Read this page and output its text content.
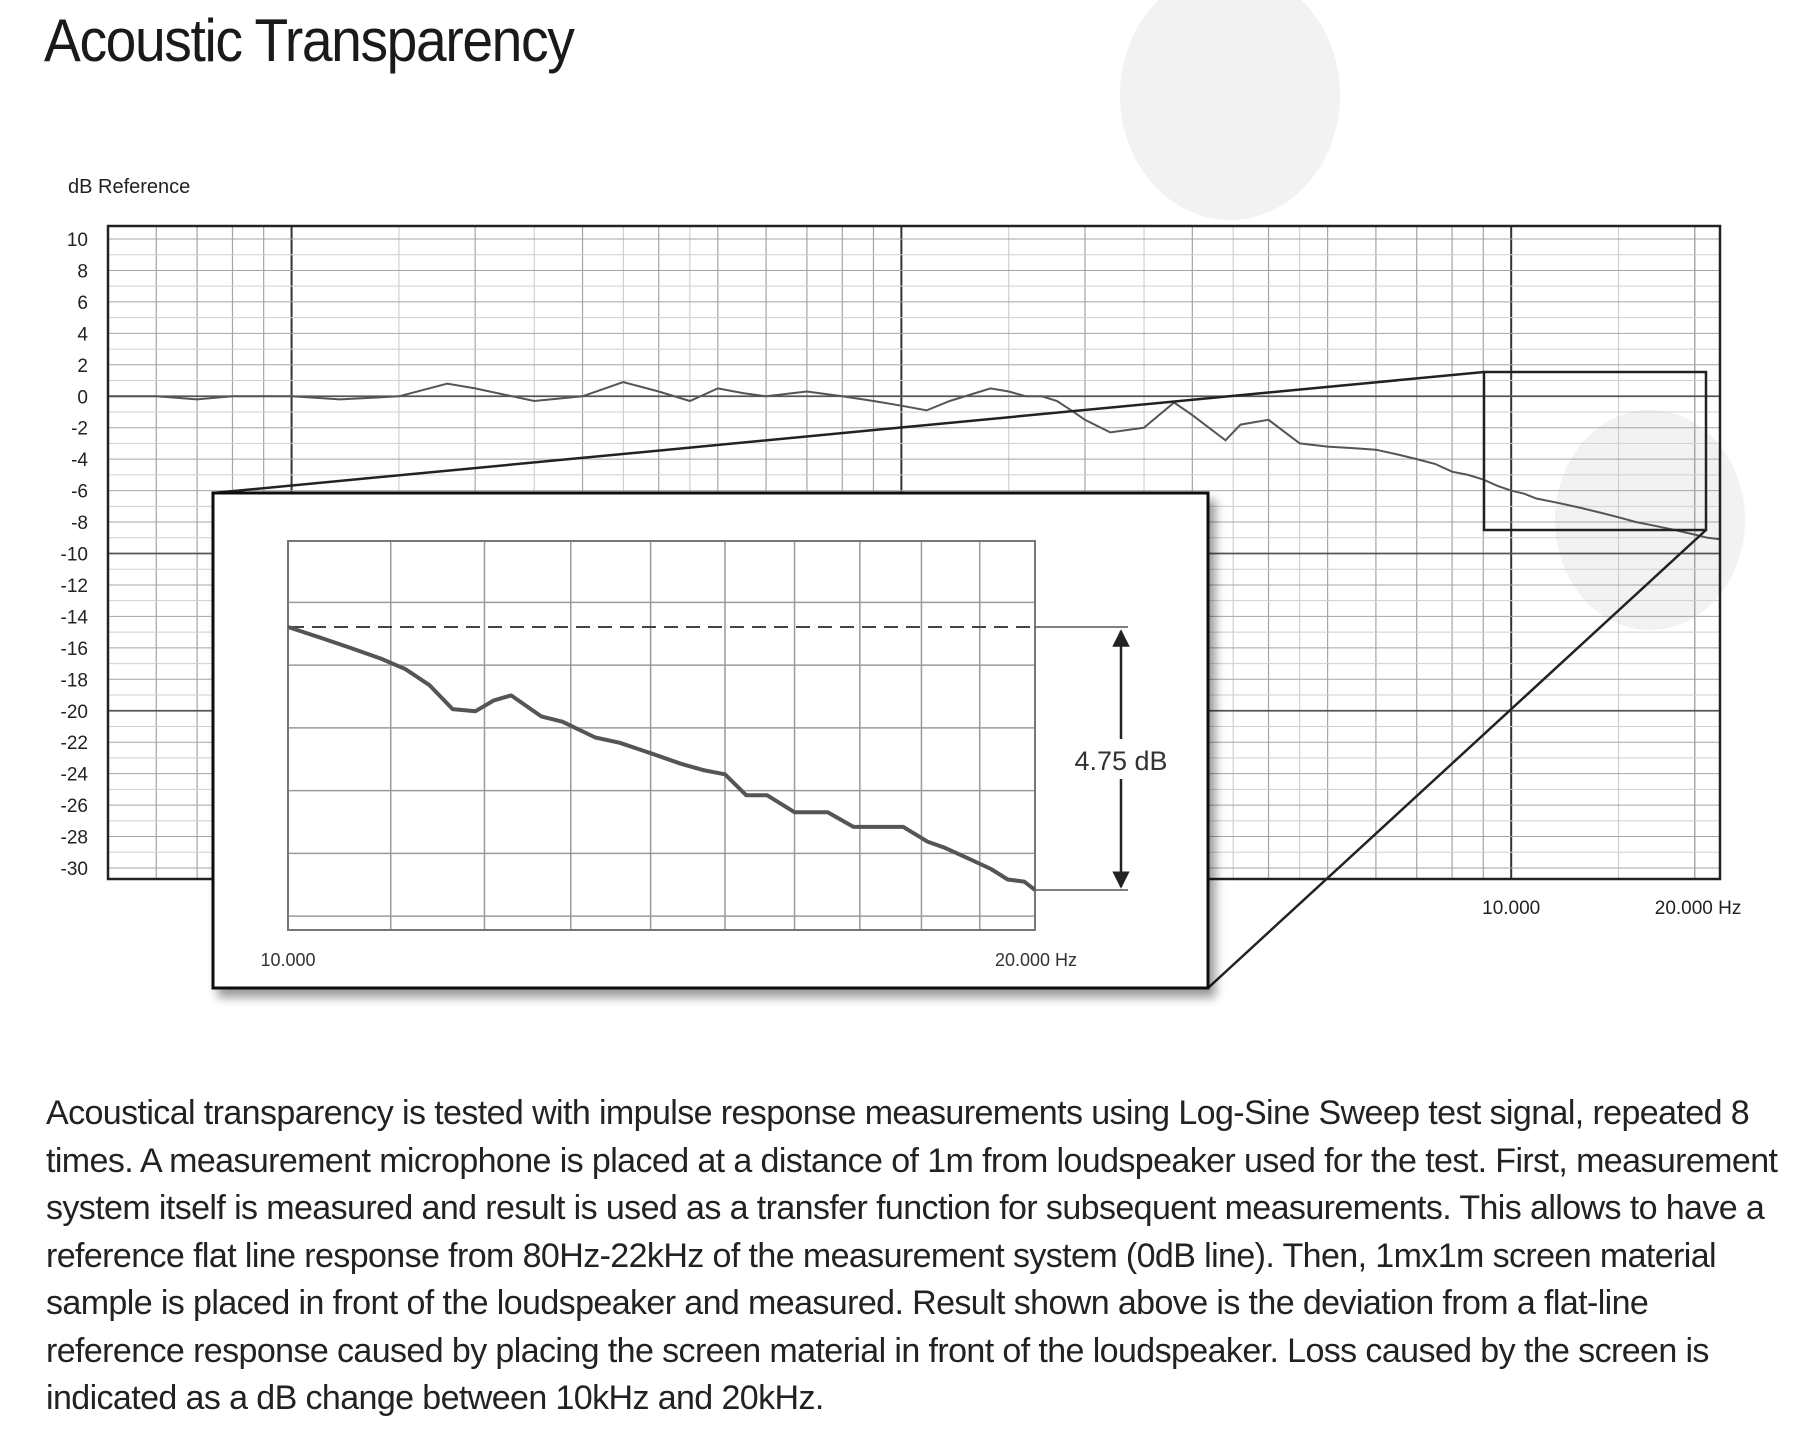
Acoustic Transparency
dB Reference
10
8
6
4
2
0
-2
-4
-6
-8
-10
-12
-14
-16
-18
-20
-22
-24
-26
-28
-30
10.000	20.000 Hz
10.000	20.000 Hz
4.75 dB

Acoustical transparency is tested with impulse response measurements using Log-Sine Sweep test signal, repeated 8 times. A measurement microphone is placed at a distance of 1m from loudspeaker used for the test. First, measurement system itself is measured and result is used as a transfer function for subsequent measurements. This allows to have a reference flat line response from 80Hz-22kHz of the measurement system (0dB line). Then, 1mx1m screen material sample is placed in front of the loudspeaker and measured. Result shown above is the deviation from a flat-line reference response caused by placing the screen material in front of the loudspeaker. Loss caused by the screen is indicated as a dB change between 10kHz and 20kHz.
